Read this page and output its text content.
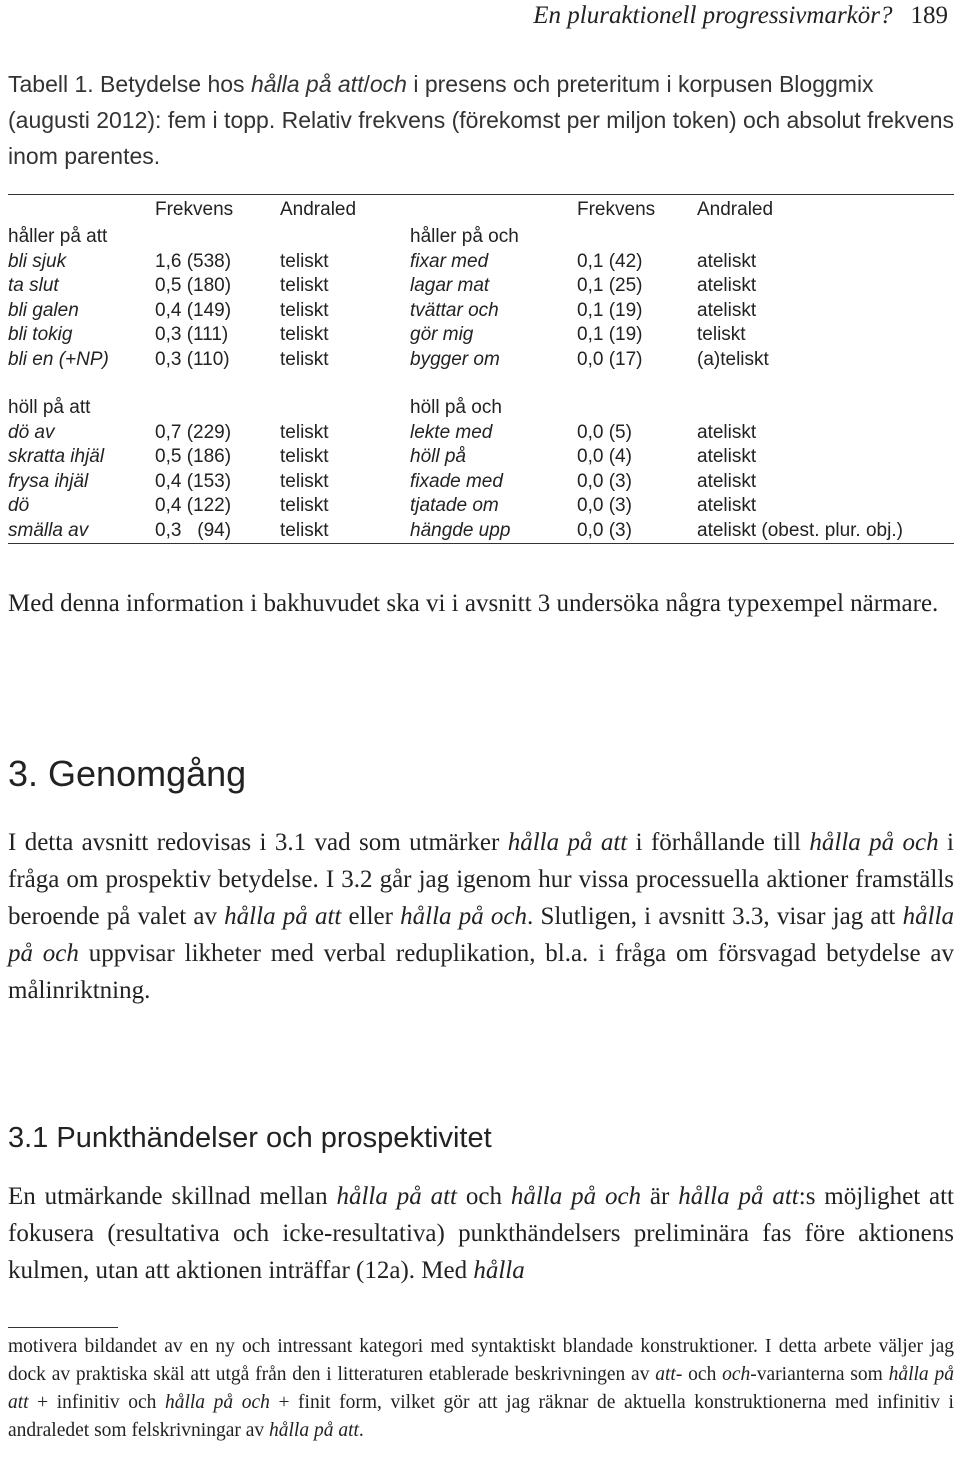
En pluraktionell progressivmarkör? 189
Tabell 1. Betydelse hos hålla på att/och i presens och preteritum i korpusen Bloggmix (augusti 2012): fem i topp. Relativ frekvens (förekomst per miljon token) och absolut frekvens inom parentes.
	Frekvens	Andraled		Frekvens	Andraled
håller på att			håller på och		
bli sjuk	1,6 (538)	teliskt	fixar med	0,1 (42)	ateliskt
ta slut	0,5 (180)	teliskt	lagar mat	0,1 (25)	ateliskt
bli galen	0,4 (149)	teliskt	tvättar och	0,1 (19)	ateliskt
bli tokig	0,3 (111)	teliskt	gör mig	0,1 (19)	teliskt
bli en (+NP)	0,3 (110)	teliskt	bygger om	0,0 (17)	(a)teliskt

höll på att			höll på och		
dö av	0,7 (229)	teliskt	lekte med	0,0 (5)	ateliskt
skratta ihjäl	0,5 (186)	teliskt	höll på	0,0 (4)	ateliskt
frysa ihjäl	0,4 (153)	teliskt	fixade med	0,0 (3)	ateliskt
dö	0,4 (122)	teliskt	tjatade om	0,0 (3)	ateliskt
smälla av	0,3   (94)	teliskt	hängde upp	0,0 (3)	ateliskt (obest. plur. obj.)
Med denna information i bakhuvudet ska vi i avsnitt 3 undersöka några typexempel närmare.
3. Genomgång
I detta avsnitt redovisas i 3.1 vad som utmärker hålla på att i förhållande till hålla på och i fråga om prospektiv betydelse. I 3.2 går jag igenom hur vissa processuella aktioner framställs beroende på valet av hålla på att eller hålla på och. Slutligen, i avsnitt 3.3, visar jag att hålla på och uppvisar likheter med verbal reduplikation, bl.a. i fråga om försvagad betydelse av målinriktning.
3.1 Punkthändelser och prospektivitet
En utmärkande skillnad mellan hålla på att och hålla på och är hålla på att:s möjlighet att fokusera (resultativa och icke-resultativa) punkthändelsers preliminära fas före aktionens kulmen, utan att aktionen inträffar (12a). Med hålla
motivera bildandet av en ny och intressant kategori med syntaktiskt blandade konstruktioner. I detta arbete väljer jag dock av praktiska skäl att utgå från den i litteraturen etablerade beskrivningen av att- och och-varianterna som hålla på att + infinitiv och hålla på och + finit form, vilket gör att jag räknar de aktuella konstruktionerna med infinitiv i andraledet som felskrivningar av hålla på att.
